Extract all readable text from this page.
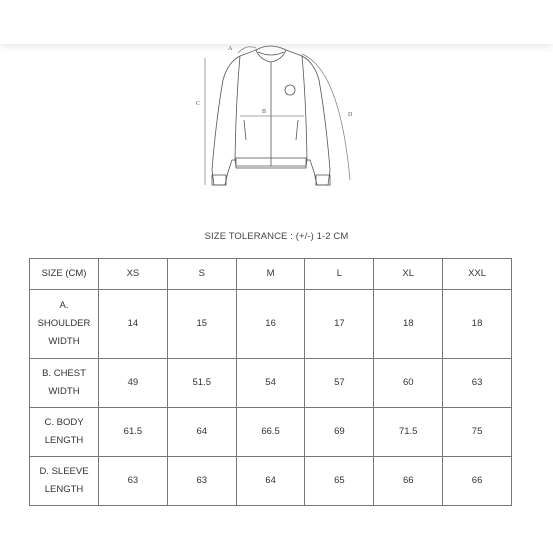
A
C
B	D
SIZE TOLERANCE : (+/-) 1-2 CM
SIZE (CM)	XS	S	M	L	XL	XXL

A.
SHOULDER
WIDTH	14	15	16	17	18	18

B. CHEST
WIDTH	49	51.5	54	57	60	63

C. BODY
LENGTH	61.5	64	66.5	69	71.5	75

D. SLEEVE
LENGTH	63	63	64	65	66	66
